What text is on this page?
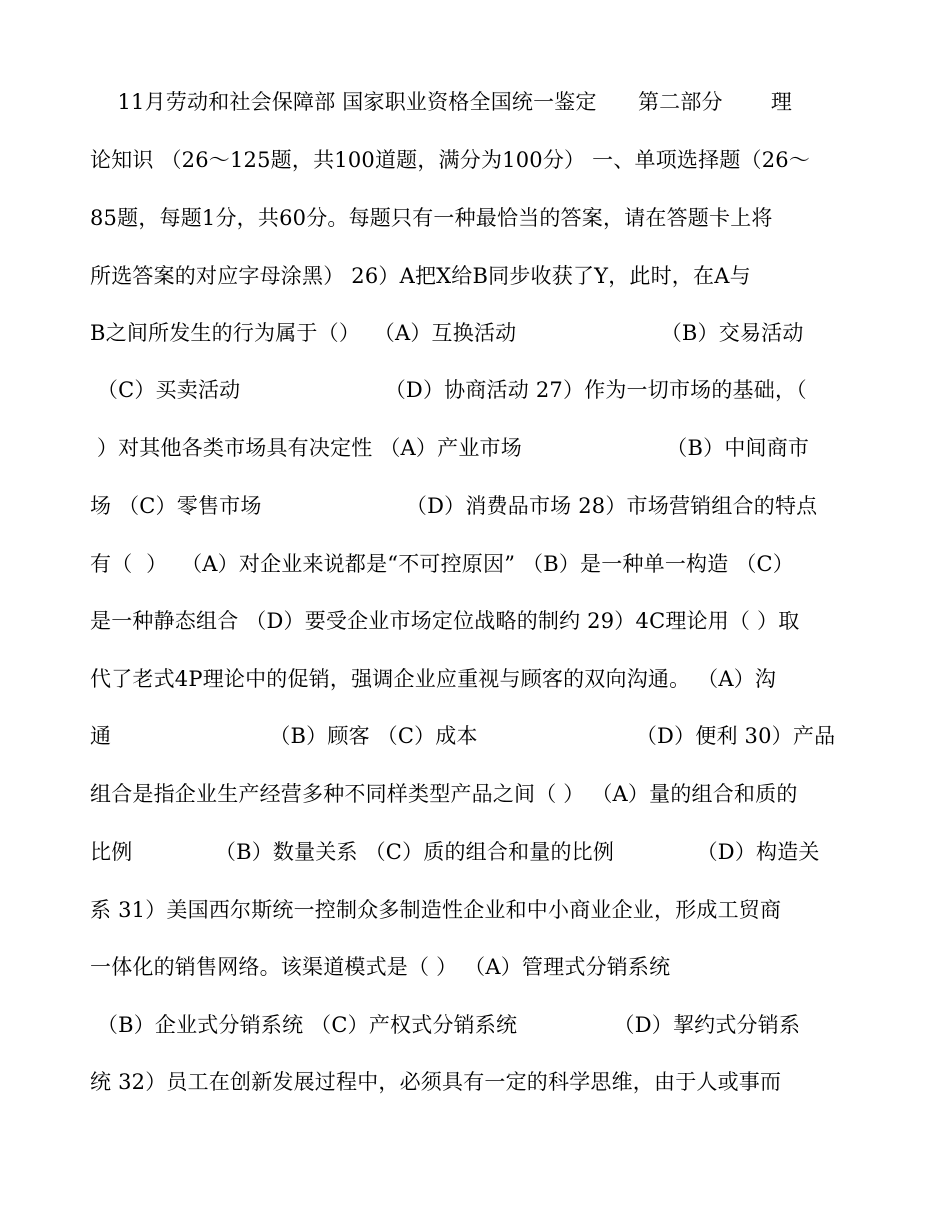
11月劳动和社会保障部 国家职业资格全国统一鉴定      第二部分       理
论知识 （26～125题，共100道题，满分为100分） 一、单项选择题（26～
85题，每题1分，共60分。每题只有一种最恰当的答案，请在答题卡上将
所选答案的对应字母涂黑） 26）A把X给B同步收获了Y，此时，在A与
B之间所发生的行为属于（）  （A）互换活动                     （B）交易活动
（C）买卖活动                     （D）协商活动 27）作为一切市场的基础，（
）对其他各类市场具有决定性 （A）产业市场                     （B）中间商市
场 （C）零售市场                     （D）消费品市场 28）市场营销组合的特点
有（  ）  （A）对企业来说都是“不可控原因” （B）是一种单一构造 （C）
是一种静态组合 （D）要受企业市场定位战略的制约 29）4C理论用（ ）取
代了老式4P理论中的促销，强调企业应重视与顾客的双向沟通。 （A）沟
通                       （B）顾客 （C）成本                       （D）便利 30）产品
组合是指企业生产经营多种不同样类型产品之间（ ） （A）量的组合和质的
比例            （B）数量关系 （C）质的组合和量的比例            （D）构造关
系 31）美国西尔斯统一控制众多制造性企业和中小商业企业，形成工贸商
一体化的销售网络。该渠道模式是（ ） （A）管理式分销系统
（B）企业式分销系统 （C）产权式分销系统              （D）挈约式分销系
统 32）员工在创新发展过程中，必须具有一定的科学思维，由于人或事而
